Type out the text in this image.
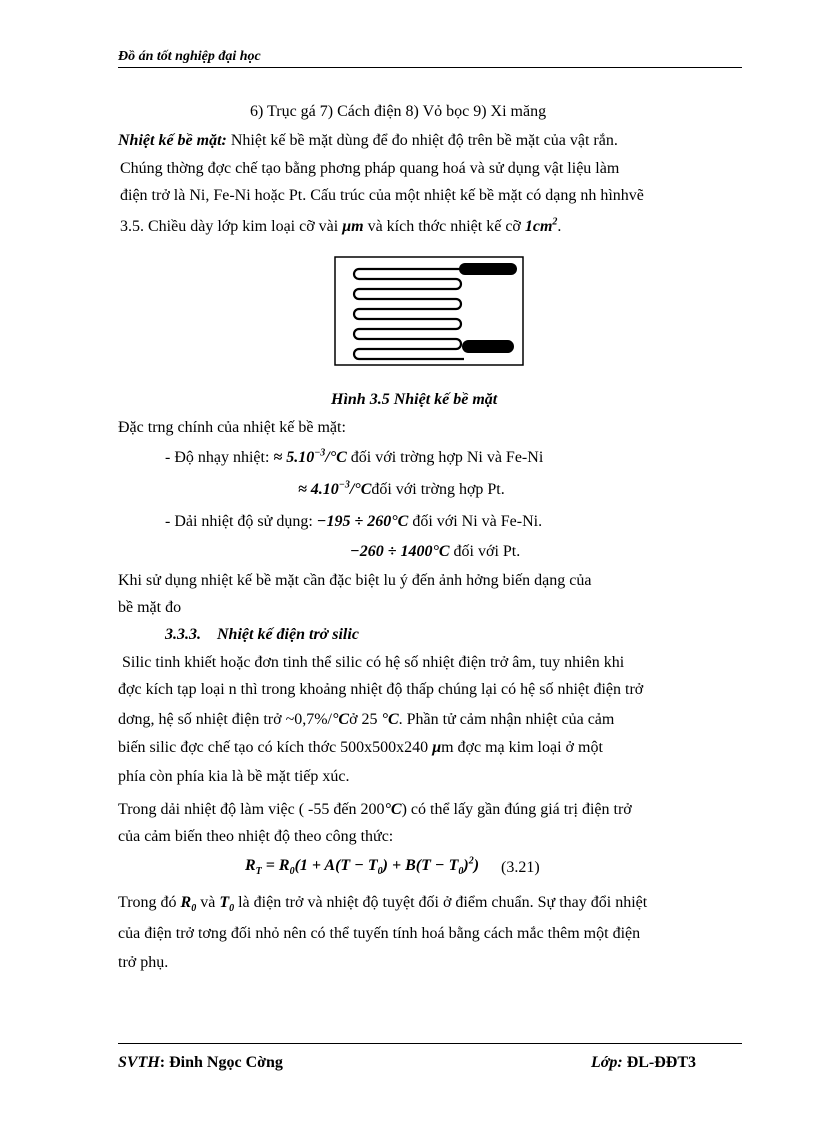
Đồ án tốt nghiệp đại học
6) Trục gá 7) Cách điện 8) Vỏ bọc 9) Xi măng
Nhiệt kế bề mặt: Nhiệt kế bề mặt dùng để đo nhiệt độ trên bề mặt của vật rắn.
Chúng thờng đợc chế tạo bằng phơng pháp quang hoá và sử dụng vật liệu làm
điện trở là Ni, Fe-Ni hoặc Pt. Cấu trúc của một nhiệt kế bề mặt có dạng nh hìnhvẽ
3.5. Chiều dày lớp kim loại cỡ vài μm và kích thớc nhiệt kế cỡ $1cm^2$.
Hình 3.5 Nhiệt kế bề mặt
Đặc trng chính của nhiệt kế bề mặt:
- Độ nhạy nhiệt: ≈ $5.10^{-3}/^\circ C$ đối với trờng hợp Ni và Fe-Ni
≈ $4.10^{-3}/^\circ Cđối$ với trờng hợp Pt.
- Dải nhiệt độ sử dụng: −195 ÷ 260°C đối với Ni và Fe-Ni.
−260 ÷ 1400°C đối với Pt.
Khi sử dụng nhiệt kế bề mặt cần đặc biệt lu ý đến ảnh hởng biến dạng của
bề mặt đo
3.3.3. Nhiệt kế điện trở silic
Silic tinh khiết hoặc đơn tinh thể silic có hệ số nhiệt điện trở âm, tuy nhiên khi
đợc kích tạp loại n thì trong khoảng nhiệt độ thấp chúng lại có hệ số nhiệt điện trở
dơng, hệ số nhiệt điện trở ~0,7%/°Cở 25 °C. Phần tử cảm nhận nhiệt của cảm
biến silic đợc chế tạo có kích thớc 500x500x240 μm đợc mạ kim loại ở một
phía còn phía kia là bề mặt tiếp xúc.
Trong dải nhiệt độ làm việc ( -55 đến 200°C) có thể lấy gần đúng giá trị điện trở
của cảm biến theo nhiệt độ theo công thức:
$R_T = R_0(1 + A(T - T_0) + B(T - T_0)^2)$ (3.21)
Trong đó $R_0$ và $T_0$ là điện trở và nhiệt độ tuyệt đối ở điểm chuẩn. Sự thay đổi nhiệt
của điện trở tơng đối nhỏ nên có thể tuyến tính hoá bằng cách mắc thêm một điện
trở phụ.
SVTH: Đinh Ngọc Cờng	Lớp: ĐL-ĐĐT3
